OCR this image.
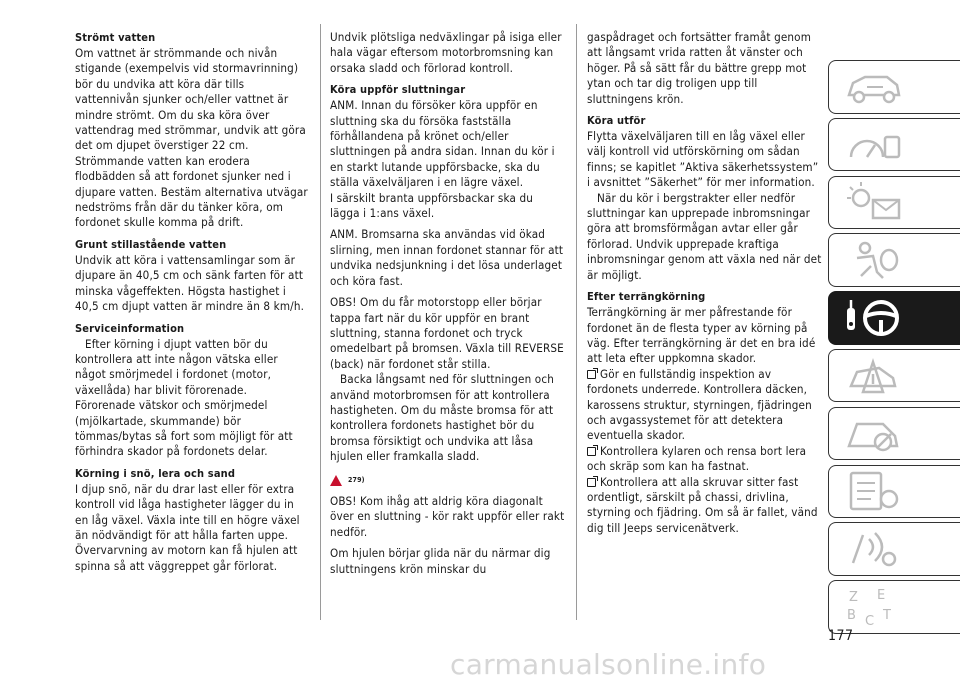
Strömt vatten

Om vattnet är strömmande och nivån stigande (exempelvis vid stormavrinning) bör du undvika att köra där tills vattennivån sjunker och/eller vattnet är mindre strömt. Om du ska köra över vattendrag med strömmar, undvik att göra det om djupet överstiger 22 cm. Strömmande vatten kan erodera flodbädden så att fordonet sjunker ned i djupare vatten. Bestäm alternativa utvägar nedströms från där du tänker köra, om fordonet skulle komma på drift.

Grunt stillastående vatten

Undvik att köra i vattensamlingar som är djupare än 40,5 cm och sänk farten för att minska vågeffekten. Högsta hastighet i 40,5 cm djupt vatten är mindre än 8 km/h.

Serviceinformation

Efter körning i djupt vatten bör du kontrollera att inte någon vätska eller något smörjmedel i fordonet (motor, växellåda) har blivit förorenade.

Förorenade vätskor och smörjmedel (mjölkartade, skummande) bör tömmas/bytas så fort som möjligt för att förhindra skador på fordonets delar.

Körning i snö, lera och sand

I djup snö, när du drar last eller för extra kontroll vid låga hastigheter lägger du in en låg växel. Växla inte till en högre växel än nödvändigt för att hålla farten uppe. Övervarvning av motorn kan få hjulen att spinna så att väggreppet går förlorat.

Undvik plötsliga nedväxlingar på isiga eller hala vägar eftersom motorbromsning kan orsaka sladd och förlorad kontroll.

Köra uppför sluttningar

ANM. Innan du försöker köra uppför en sluttning ska du försöka fastställa förhållandena på krönet och/eller sluttningen på andra sidan. Innan du kör i en starkt lutande uppförsbacke, ska du ställa växelväljaren i en lägre växel.

I särskilt branta uppförsbackar ska du lägga i 1:ans växel.

ANM. Bromsarna ska användas vid ökad slirning, men innan fordonet stannar för att undvika nedsjunkning i det lösa underlaget och köra fast.

OBS! Om du får motorstopp eller börjar tappa fart när du kör uppför en brant sluttning, stanna fordonet och tryck omedelbart på bromsen. Växla till REVERSE (back) när fordonet står stilla.

Backa långsamt ned för sluttningen och använd motorbromsen för att kontrollera hastigheten. Om du måste bromsa för att kontrollera fordonets hastighet bör du bromsa försiktigt och undvika att låsa hjulen eller framkalla sladd.

279)

OBS! Kom ihåg att aldrig köra diagonalt över en sluttning - kör rakt uppför eller rakt nedför.

Om hjulen börjar glida när du närmar dig sluttningens krön minskar du

gaspådraget och fortsätter framåt genom att långsamt vrida ratten åt vänster och höger. På så sätt får du bättre grepp mot ytan och tar dig troligen upp till sluttningens krön.

Köra utför

Flytta växelväljaren till en låg växel eller välj kontroll vid utförskörning om sådan finns; se kapitlet ”Aktiva säkerhetssystem” i avsnittet ”Säkerhet” för mer information.

När du kör i bergstrakter eller nedför sluttningar kan upprepade inbromsningar göra att bromsförmågan avtar eller går förlorad. Undvik upprepade kraftiga inbromsningar genom att växla ned när det är möjligt.

Efter terrängkörning

Terrängkörning är mer påfrestande för fordonet än de flesta typer av körning på väg. Efter terrängkörning är det en bra idé att leta efter uppkomna skador.

Gör en fullständig inspektion av fordonets underrede. Kontrollera däcken, karossens struktur, styrningen, fjädringen och avgassystemet för att detektera eventuella skador.

Kontrollera kylaren och rensa bort lera och skräp som kan ha fastnat.

Kontrollera att alla skruvar sitter fast ordentligt, särskilt på chassi, drivlina, styrning och fjädring. Om så är fallet, vänd dig till Jeeps servicenätverk.

Z E
B C T
177
carmanualsonline.info
